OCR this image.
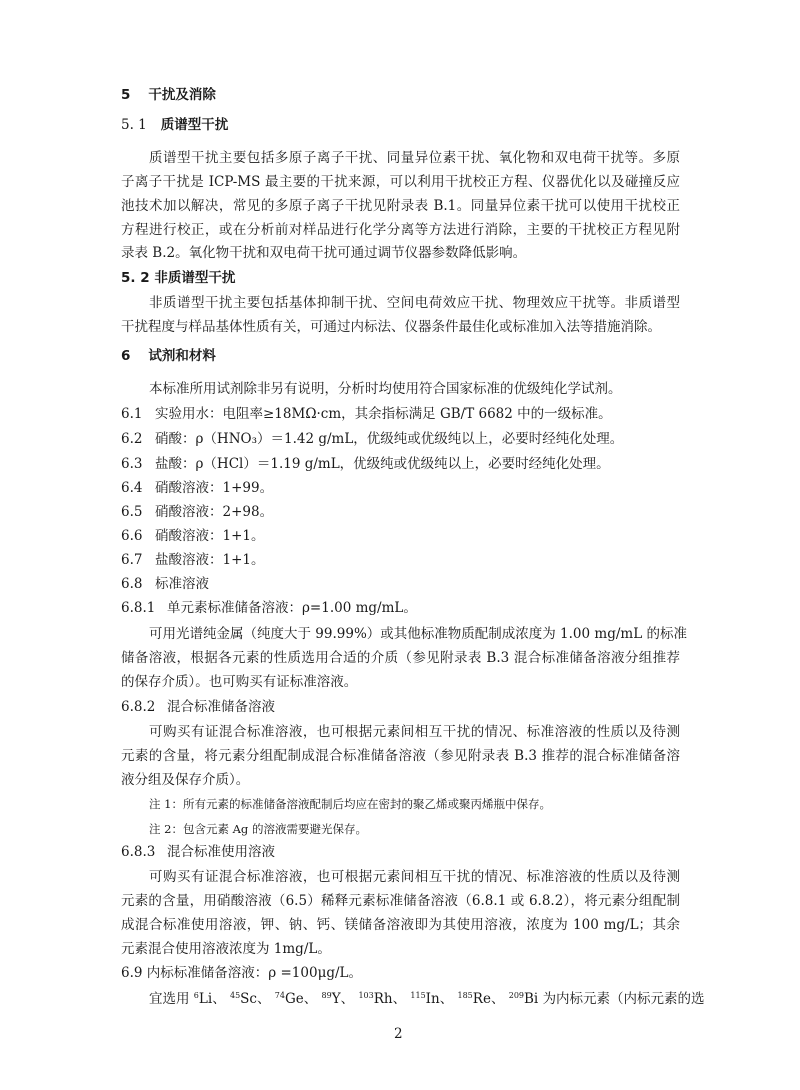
5 干扰及消除
5. 1 质谱型干扰
质谱型干扰主要包括多原子离子干扰、同量异位素干扰、氧化物和双电荷干扰等。多原
子离子干扰是 ICP-MS 最主要的干扰来源，可以利用干扰校正方程、仪器优化以及碰撞反应
池技术加以解决，常见的多原子离子干扰见附录表 B.1。同量异位素干扰可以使用干扰校正
方程进行校正，或在分析前对样品进行化学分离等方法进行消除，主要的干扰校正方程见附
录表 B.2。氧化物干扰和双电荷干扰可通过调节仪器参数降低影响。
5. 2 非质谱型干扰
非质谱型干扰主要包括基体抑制干扰、空间电荷效应干扰、物理效应干扰等。非质谱型
干扰程度与样品基体性质有关，可通过内标法、仪器条件最佳化或标准加入法等措施消除。
6 试剂和材料
本标准所用试剂除非另有说明，分析时均使用符合国家标准的优级纯化学试剂。
6.1 实验用水：电阻率≥18MΩ·cm，其余指标满足 GB/T 6682 中的一级标准。
6.2 硝酸：ρ（HNO₃）＝1.42 g/mL，优级纯或优级纯以上，必要时经纯化处理。
6.3 盐酸：ρ（HCl）＝1.19 g/mL，优级纯或优级纯以上，必要时经纯化处理。
6.4 硝酸溶液：1+99。
6.5 硝酸溶液：2+98。
6.6 硝酸溶液：1+1。
6.7 盐酸溶液：1+1。
6.8 标准溶液
6.8.1 单元素标准储备溶液：ρ=1.00 mg/mL。
可用光谱纯金属（纯度大于 99.99%）或其他标准物质配制成浓度为 1.00 mg/mL 的标准
储备溶液，根据各元素的性质选用合适的介质（参见附录表 B.3 混合标准储备溶液分组推荐
的保存介质）。也可购买有证标准溶液。
6.8.2 混合标准储备溶液
可购买有证混合标准溶液，也可根据元素间相互干扰的情况、标准溶液的性质以及待测
元素的含量，将元素分组配制成混合标准储备溶液（参见附录表 B.3 推荐的混合标准储备溶
液分组及保存介质）。
注 1：所有元素的标准储备溶液配制后均应在密封的聚乙烯或聚丙烯瓶中保存。
注 2：包含元素 Ag 的溶液需要避光保存。
6.8.3 混合标准使用溶液
可购买有证混合标准溶液，也可根据元素间相互干扰的情况、标准溶液的性质以及待测
元素的含量，用硝酸溶液（6.5）稀释元素标准储备溶液（6.8.1 或 6.8.2），将元素分组配制
成混合标准使用溶液，钾、钠、钙、镁储备溶液即为其使用溶液，浓度为 100 mg/L；其余
元素混合使用溶液浓度为 1mg/L。
6.9 内标标准储备溶液：ρ =100μg/L。
宜选用 $^6$Li、 $^{45}$Sc、 $^{74}$Ge、 $^{89}$Y、 $^{103}$Rh、 $^{115}$In、 $^{185}$Re、 $^{209}$Bi 为内标元素（内标元素的选
2
